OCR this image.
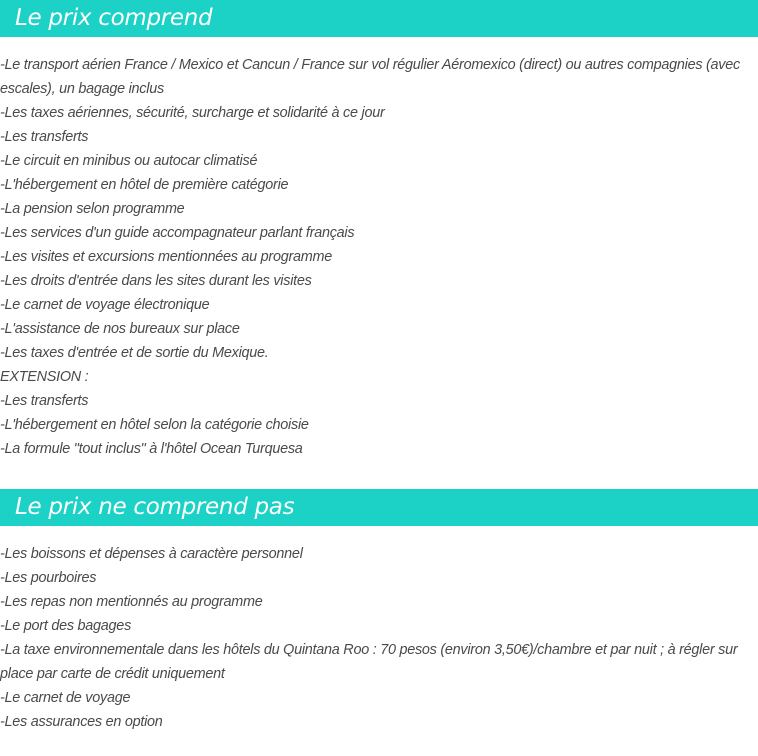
Le prix comprend
-Le transport aérien France / Mexico et Cancun / France sur vol régulier Aéromexico (direct) ou autres compagnies (avec escales), un bagage inclus
-Les taxes aériennes, sécurité, surcharge et solidarité à ce jour
-Les transferts
-Le circuit en minibus ou autocar climatisé
-L'hébergement en hôtel de première catégorie
-La pension selon programme
-Les services d'un guide accompagnateur parlant français
-Les visites et excursions mentionnées au programme
-Les droits d'entrée dans les sites durant les visites
-Le carnet de voyage électronique
-L'assistance de nos bureaux sur place
-Les taxes d'entrée et de sortie du Mexique.
EXTENSION :
-Les transferts
-L'hébergement en hôtel selon la catégorie choisie
-La formule "tout inclus" à l'hôtel Ocean Turquesa
Le prix ne comprend pas
-Les boissons et dépenses à caractère personnel
-Les pourboires
-Les repas non mentionnés au programme
-Le port des bagages
-La taxe environnementale dans les hôtels du Quintana Roo : 70 pesos (environ 3,50€)/chambre et par nuit ; à régler sur place par carte de crédit uniquement
-Le carnet de voyage
-Les assurances en option
